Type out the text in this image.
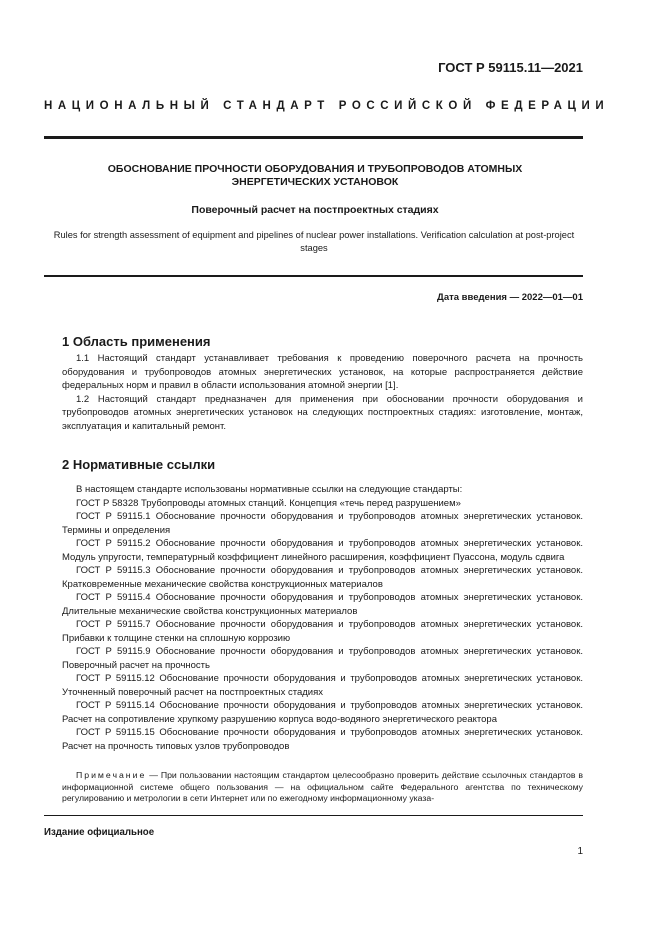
ГОСТ Р 59115.11—2021
НАЦИОНАЛЬНЫЙ СТАНДАРТ РОССИЙСКОЙ ФЕДЕРАЦИИ
ОБОСНОВАНИЕ ПРОЧНОСТИ ОБОРУДОВАНИЯ И ТРУБОПРОВОДОВ АТОМНЫХ ЭНЕРГЕТИЧЕСКИХ УСТАНОВОК
Поверочный расчет на постпроектных стадиях
Rules for strength assessment of equipment and pipelines of nuclear power installations. Verification calculation at post-project stages
Дата введения — 2022—01—01
1 Область применения

1.1 Настоящий стандарт устанавливает требования к проведению поверочного расчета на прочность оборудования и трубопроводов атомных энергетических установок, на которые распространяется действие федеральных норм и правил в области использования атомной энергии [1].

1.2 Настоящий стандарт предназначен для применения при обосновании прочности оборудования и трубопроводов атомных энергетических установок на следующих постпроектных стадиях: изготовление, монтаж, эксплуатация и капитальный ремонт.

2 Нормативные ссылки

В настоящем стандарте использованы нормативные ссылки на следующие стандарты:

ГОСТ Р 58328 Трубопроводы атомных станций. Концепция «течь перед разрушением»

ГОСТ Р 59115.1 Обоснование прочности оборудования и трубопроводов атомных энергетических установок. Термины и определения

ГОСТ Р 59115.2 Обоснование прочности оборудования и трубопроводов атомных энергетических установок. Модуль упругости, температурный коэффициент линейного расширения, коэффициент Пуассона, модуль сдвига

ГОСТ Р 59115.3 Обоснование прочности оборудования и трубопроводов атомных энергетических установок. Кратковременные механические свойства конструкционных материалов

ГОСТ Р 59115.4 Обоснование прочности оборудования и трубопроводов атомных энергетических установок. Длительные механические свойства конструкционных материалов

ГОСТ Р 59115.7 Обоснование прочности оборудования и трубопроводов атомных энергетических установок. Прибавки к толщине стенки на сплошную коррозию

ГОСТ Р 59115.9 Обоснование прочности оборудования и трубопроводов атомных энергетических установок. Поверочный расчет на прочность

ГОСТ Р 59115.12 Обоснование прочности оборудования и трубопроводов атомных энергетических установок. Уточненный поверочный расчет на постпроектных стадиях

ГОСТ Р 59115.14 Обоснование прочности оборудования и трубопроводов атомных энергетических установок. Расчет на сопротивление хрупкому разрушению корпуса водо-водяного энергетического реактора

ГОСТ Р 59115.15 Обоснование прочности оборудования и трубопроводов атомных энергетических установок. Расчет на прочность типовых узлов трубопроводов

Примечание — При пользовании настоящим стандартом целесообразно проверить действие ссылочных стандартов в информационной системе общего пользования — на официальном сайте Федерального агентства по техническому регулированию и метрологии в сети Интернет или по ежегодному информационному указа-
Издание официальное
1
